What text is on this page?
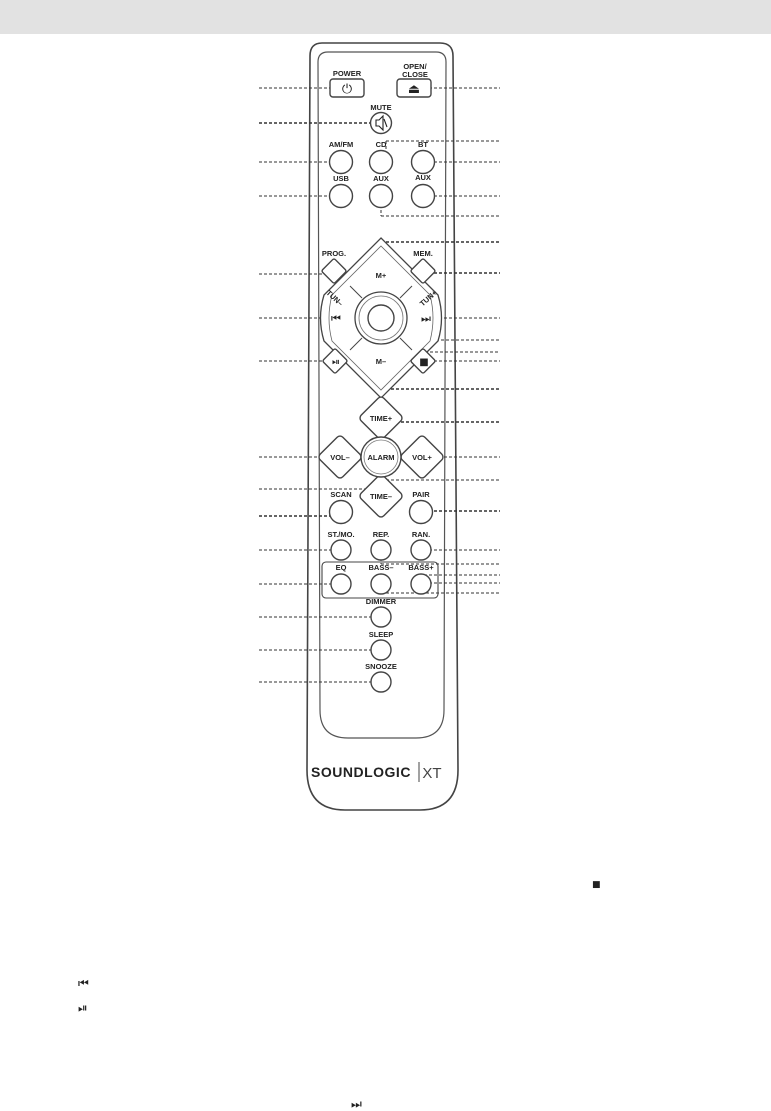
POWER
⏻
OPEN/
CLOSE
⏏
MUTE
AM/FM	CD	BT
USB	AUX	AUX
M+
M–
TUN–	TUN+
⏮	⏭
PROG.	MEM.
⏯	■
TIME+
TIME–
VOL–	VOL+
ALARM
SCAN	PAIR
ST./MO. REP.	RAN.
EQ	BASS– BASS+
DIMMER
SLEEP
SNOOZE
SOUNDLOGIC XT
■
⏮
⏯
⏭
